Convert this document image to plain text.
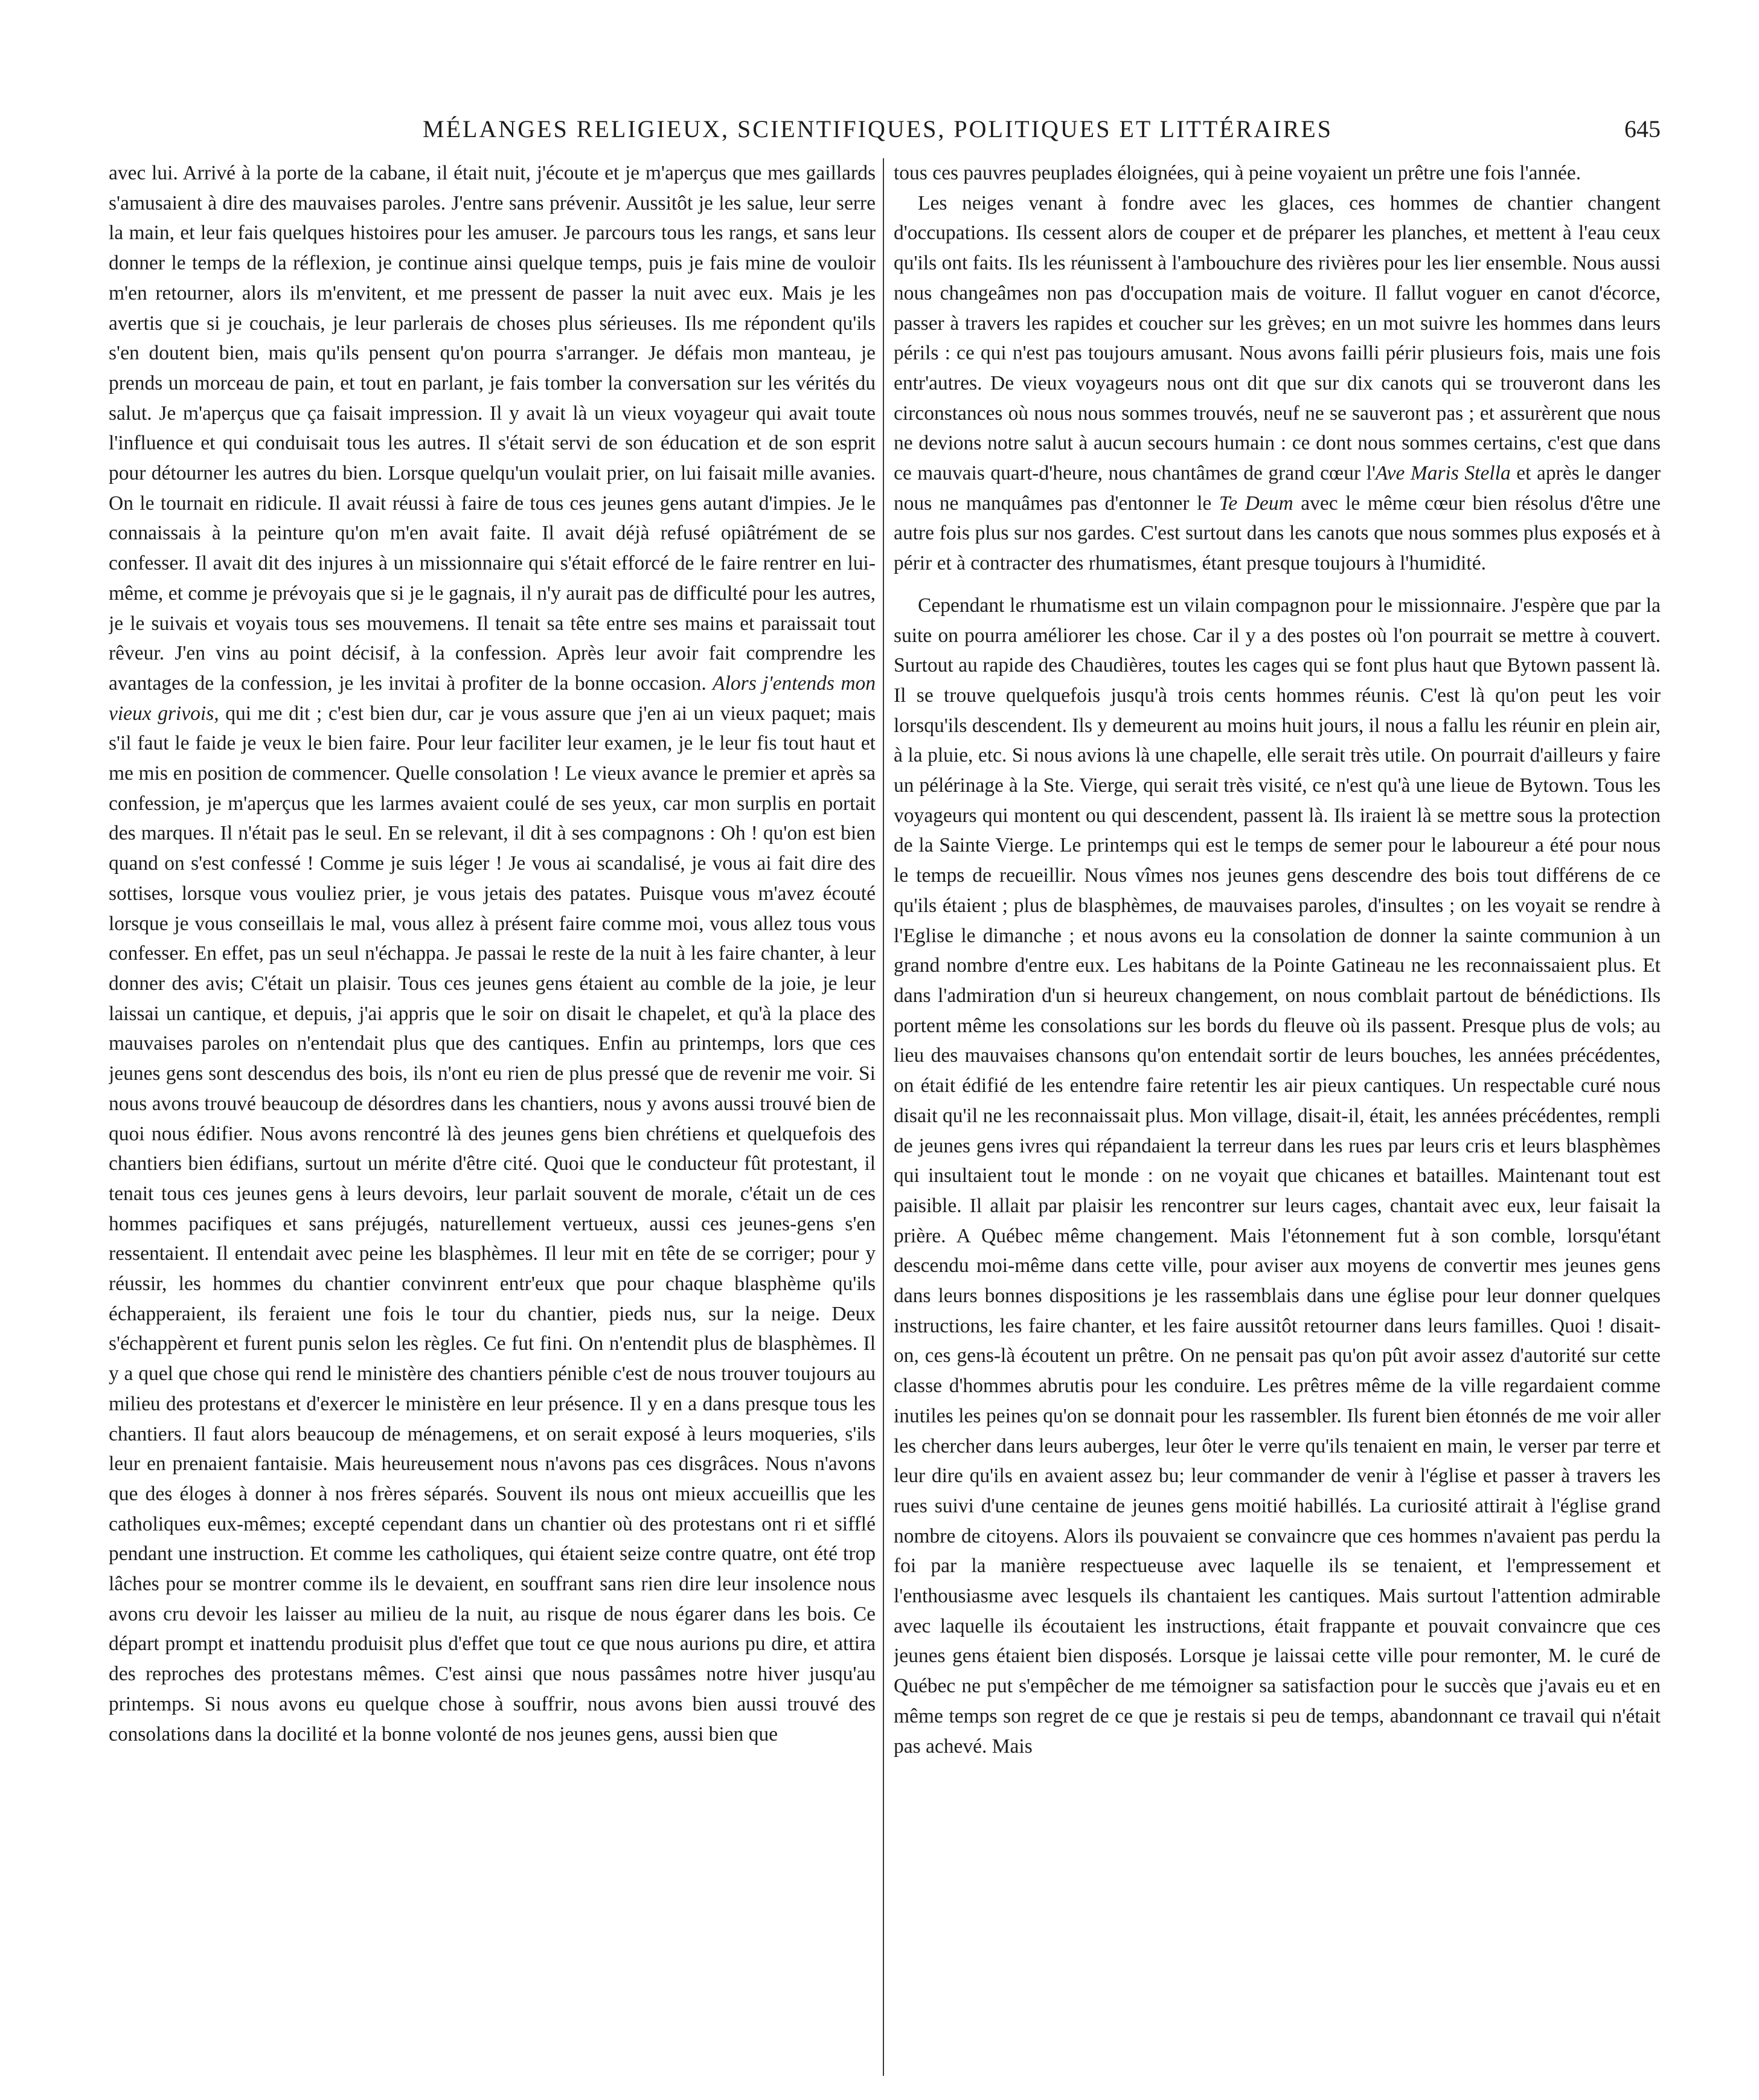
MÉLANGES RELIGIEUX, SCIENTIFIQUES, POLITIQUES ET LITTÉRAIRES	645

avec lui. Arrivé à la porte de la cabane, il était nuit, j'écoute et je m'aperçus que mes gaillards s'amusaient à dire des mauvaises paroles. J'entre sans prévenir. Aussitôt je les salue, leur serre la main, et leur fais quelques histoires pour les amuser. Je parcours tous les rangs, et sans leur donner le temps de la réflexion, je continue ainsi quelque temps, puis je fais mine de vouloir m'en retourner, alors ils m'envitent, et me pressent de passer la nuit avec eux. Mais je les avertis que si je couchais, je leur parlerais de choses plus sérieuses. Ils me répondent qu'ils s'en doutent bien, mais qu'ils pensent qu'on pourra s'arranger. Je défais mon manteau, je prends un morceau de pain, et tout en parlant, je fais tomber la conversation sur les vérités du salut. Je m'aperçus que ça faisait impression. Il y avait là un vieux voyageur qui avait toute l'influence et qui conduisait tous les autres. Il s'était servi de son éducation et de son esprit pour détourner les autres du bien. Lorsque quelqu'un voulait prier, on lui faisait mille avanies. On le tournait en ridicule. Il avait réussi à faire de tous ces jeunes gens autant d'impies. Je le connaissais à la peinture qu'on m'en avait faite. Il avait déjà refusé opiâtrément de se confesser. Il avait dit des injures à un missionnaire qui s'était efforcé de le faire rentrer en lui-même, et comme je prévoyais que si je le gagnais, il n'y aurait pas de difficulté pour les autres, je le suivais et voyais tous ses mouvemens. Il tenait sa tête entre ses mains et paraissait tout rêveur. J'en vins au point décisif, à la confession. Après leur avoir fait comprendre les avantages de la confession, je les invitai à profiter de la bonne occasion. Alors j'entends mon vieux grivois, qui me dit ; c'est bien dur, car je vous assure que j'en ai un vieux paquet; mais s'il faut le faide je veux le bien faire. Pour leur faciliter leur examen, je le leur fis tout haut et me mis en position de commencer. Quelle consolation ! Le vieux avance le premier et après sa confession, je m'aperçus que les larmes avaient coulé de ses yeux, car mon surplis en portait des marques. Il n'était pas le seul. En se relevant, il dit à ses compagnons : Oh ! qu'on est bien quand on s'est confessé ! Comme je suis léger ! Je vous ai scandalisé, je vous ai fait dire des sottises, lorsque vous vouliez prier, je vous jetais des patates. Puisque vous m'avez écouté lorsque je vous conseillais le mal, vous allez à présent faire comme moi, vous allez tous vous confesser. En effet, pas un seul n'échappa. Je passai le reste de la nuit à les faire chanter, à leur donner des avis; C'était un plaisir. Tous ces jeunes gens étaient au comble de la joie, je leur laissai un cantique, et depuis, j'ai appris que le soir on disait le chapelet, et qu'à la place des mauvaises paroles on n'entendait plus que des cantiques. Enfin au printemps, lors que ces jeunes gens sont descendus des bois, ils n'ont eu rien de plus pressé que de revenir me voir. Si nous avons trouvé beaucoup de désordres dans les chantiers, nous y avons aussi trouvé bien de quoi nous édifier. Nous avons rencontré là des jeunes gens bien chrétiens et quelquefois des chantiers bien édifians, surtout un mérite d'être cité. Quoi que le conducteur fût protestant, il tenait tous ces jeunes gens à leurs devoirs, leur parlait souvent de morale, c'était un de ces hommes pacifiques et sans préjugés, naturellement vertueux, aussi ces jeunes-gens s'en ressentaient. Il entendait avec peine les blasphèmes. Il leur mit en tête de se corriger; pour y réussir, les hommes du chantier convinrent entr'eux que pour chaque blasphème qu'ils échapperaient, ils feraient une fois le tour du chantier, pieds nus, sur la neige. Deux s'échappèrent et furent punis selon les règles. Ce fut fini. On n'entendit plus de blasphèmes. Il y a quel que chose qui rend le ministère des chantiers pénible c'est de nous trouver toujours au milieu des protestans et d'exercer le ministère en leur présence. Il y en a dans presque tous les chantiers. Il faut alors beaucoup de ménagemens, et on serait exposé à leurs moqueries, s'ils leur en prenaient fantaisie. Mais heureusement nous n'avons pas ces disgrâces. Nous n'avons que des éloges à donner à nos frères séparés. Souvent ils nous ont mieux accueillis que les catholiques eux-mêmes; excepté cependant dans un chantier où des protestans ont ri et sifflé pendant une instruction. Et comme les catholiques, qui étaient seize contre quatre, ont été trop lâches pour se montrer comme ils le devaient, en souffrant sans rien dire leur insolence nous avons cru devoir les laisser au milieu de la nuit, au risque de nous égarer dans les bois. Ce départ prompt et inattendu produisit plus d'effet que tout ce que nous aurions pu dire, et attira des reproches des protestans mêmes. C'est ainsi que nous passâmes notre hiver jusqu'au printemps. Si nous avons eu quelque chose à souffrir, nous avons bien aussi trouvé des consolations dans la docilité et la bonne volonté de nos jeunes gens, aussi bien que

tous ces pauvres peuplades éloignées, qui à peine voyaient un prêtre une fois l'année.

Les neiges venant à fondre avec les glaces, ces hommes de chantier changent d'occupations. Ils cessent alors de couper et de préparer les planches, et mettent à l'eau ceux qu'ils ont faits. Ils les réunissent à l'ambouchure des rivières pour les lier ensemble. Nous aussi nous changeâmes non pas d'occupation mais de voiture. Il fallut voguer en canot d'écorce, passer à travers les rapides et coucher sur les grèves; en un mot suivre les hommes dans leurs périls : ce qui n'est pas toujours amusant. Nous avons failli périr plusieurs fois, mais une fois entr'autres. De vieux voyageurs nous ont dit que sur dix canots qui se trouveront dans les circonstances où nous nous sommes trouvés, neuf ne se sauveront pas ; et assurèrent que nous ne devions notre salut à aucun secours humain : ce dont nous sommes certains, c'est que dans ce mauvais quart-d'heure, nous chantâmes de grand cœur l'Ave Maris Stella et après le danger nous ne manquâmes pas d'entonner le Te Deum avec le même cœur bien résolus d'être une autre fois plus sur nos gardes. C'est surtout dans les canots que nous sommes plus exposés et à périr et à contracter des rhumatismes, étant presque toujours à l'humidité.

Cependant le rhumatisme est un vilain compagnon pour le missionnaire. J'espère que par la suite on pourra améliorer les chose. Car il y a des postes où l'on pourrait se mettre à couvert. Surtout au rapide des Chaudières, toutes les cages qui se font plus haut que Bytown passent là. Il se trouve quelquefois jusqu'à trois cents hommes réunis. C'est là qu'on peut les voir lorsqu'ils descendent. Ils y demeurent au moins huit jours, il nous a fallu les réunir en plein air, à la pluie, etc. Si nous avions là une chapelle, elle serait très utile. On pourrait d'ailleurs y faire un pélérinage à la Ste. Vierge, qui serait très visité, ce n'est qu'à une lieue de Bytown. Tous les voyageurs qui montent ou qui descendent, passent là. Ils iraient là se mettre sous la protection de la Sainte Vierge. Le printemps qui est le temps de semer pour le laboureur a été pour nous le temps de recueillir. Nous vîmes nos jeunes gens descendre des bois tout différens de ce qu'ils étaient ; plus de blasphèmes, de mauvaises paroles, d'insultes ; on les voyait se rendre à l'Eglise le dimanche ; et nous avons eu la consolation de donner la sainte communion à un grand nombre d'entre eux. Les habitans de la Pointe Gatineau ne les reconnaissaient plus. Et dans l'admiration d'un si heureux changement, on nous comblait partout de bénédictions. Ils portent même les consolations sur les bords du fleuve où ils passent. Presque plus de vols; au lieu des mauvaises chansons qu'on entendait sortir de leurs bouches, les années précédentes, on était édifié de les entendre faire retentir les air pieux cantiques. Un respectable curé nous disait qu'il ne les reconnaissait plus. Mon village, disait-il, était, les années précédentes, rempli de jeunes gens ivres qui répandaient la terreur dans les rues par leurs cris et leurs blasphèmes qui insultaient tout le monde : on ne voyait que chicanes et batailles. Maintenant tout est paisible. Il allait par plaisir les rencontrer sur leurs cages, chantait avec eux, leur faisait la prière. A Québec même changement. Mais l'étonnement fut à son comble, lorsqu'étant descendu moi-même dans cette ville, pour aviser aux moyens de convertir mes jeunes gens dans leurs bonnes dispositions je les rassemblais dans une église pour leur donner quelques instructions, les faire chanter, et les faire aussitôt retourner dans leurs familles. Quoi ! disait-on, ces gens-là écoutent un prêtre. On ne pensait pas qu'on pût avoir assez d'autorité sur cette classe d'hommes abrutis pour les conduire. Les prêtres même de la ville regardaient comme inutiles les peines qu'on se donnait pour les rassembler. Ils furent bien étonnés de me voir aller les chercher dans leurs auberges, leur ôter le verre qu'ils tenaient en main, le verser par terre et leur dire qu'ils en avaient assez bu; leur commander de venir à l'église et passer à travers les rues suivi d'une centaine de jeunes gens moitié habillés. La curiosité attirait à l'église grand nombre de citoyens. Alors ils pouvaient se convaincre que ces hommes n'avaient pas perdu la foi par la manière respectueuse avec laquelle ils se tenaient, et l'empressement et l'enthousiasme avec lesquels ils chantaient les cantiques. Mais surtout l'attention admirable avec laquelle ils écoutaient les instructions, était frappante et pouvait convaincre que ces jeunes gens étaient bien disposés. Lorsque je laissai cette ville pour remonter, M. le curé de Québec ne put s'empêcher de me témoigner sa satisfaction pour le succès que j'avais eu et en même temps son regret de ce que je restais si peu de temps, abandonnant ce travail qui n'était pas achevé. Mais
